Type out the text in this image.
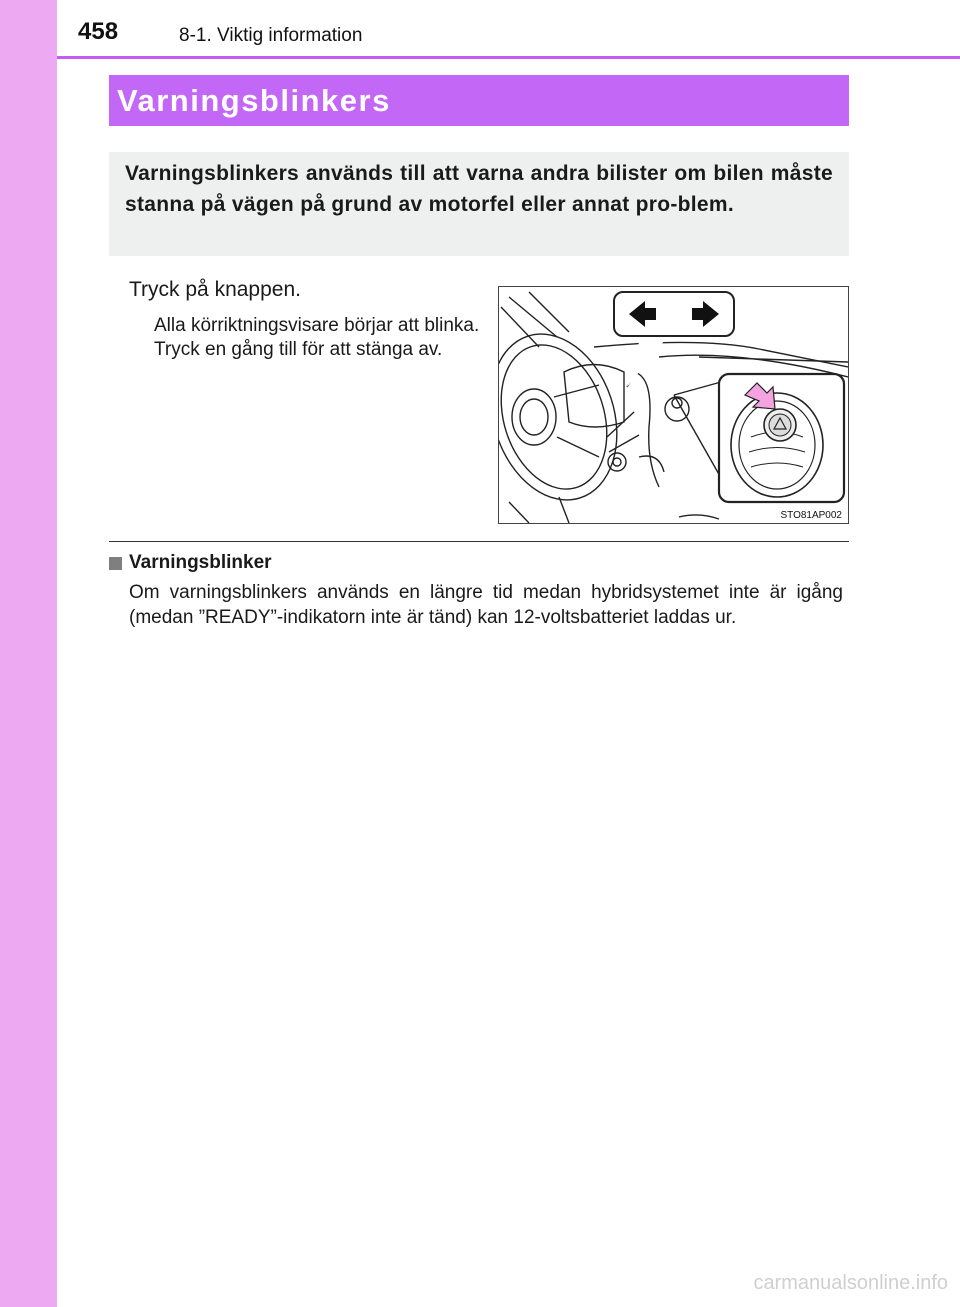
458	8-1. Viktig information
Varningsblinkers

Varningsblinkers används till att varna andra bilister om bilen måste stanna på vägen på grund av motorfel eller annat pro-blem.

Tryck på knappen.

Alla körriktningsvisare börjar att blinka.

Tryck en gång till för att stänga av.

STO81AP002
Varningsblinker

Om varningsblinkers används en längre tid medan hybridsystemet inte är igång (medan ”READY”-indikatorn inte är tänd) kan 12-voltsbatteriet laddas ur.

carmanualsonline.info
